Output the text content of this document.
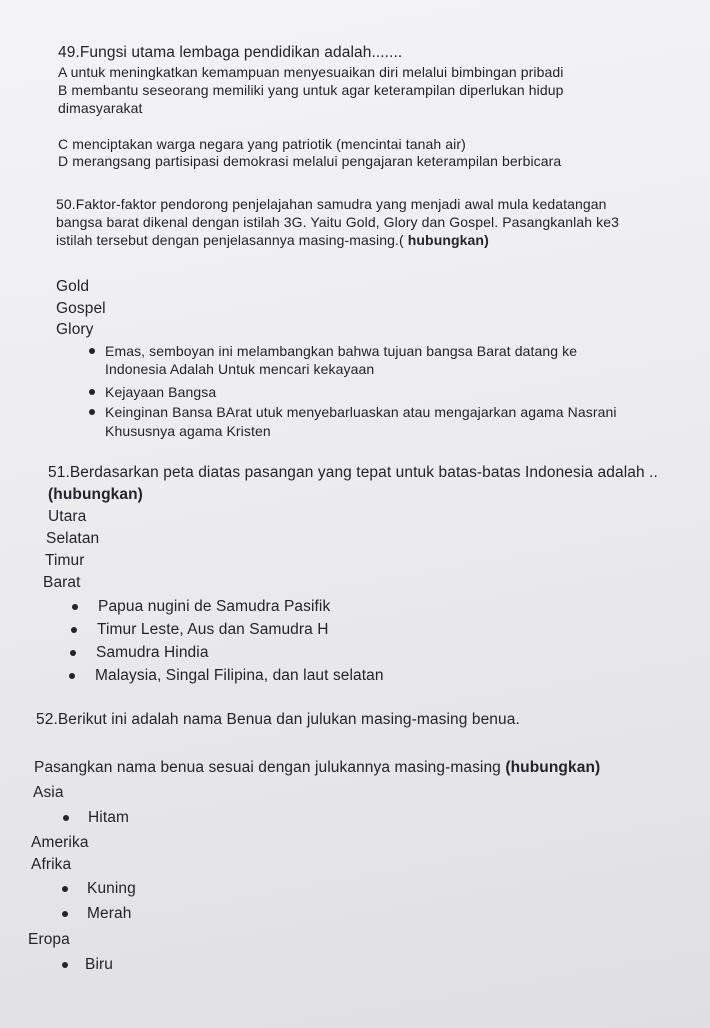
49.Fungsi utama lembaga pendidikan adalah.......
A untuk meningkatkan kemampuan menyesuaikan diri melalui bimbingan pribadi
B membantu seseorang memiliki yang untuk agar keterampilan diperlukan hidup
dimasyarakat
C menciptakan warga negara yang patriotik (mencintai tanah air)
D merangsang partisipasi demokrasi melalui pengajaran keterampilan berbicara
50.Faktor-faktor pendorong penjelajahan samudra yang menjadi awal mula kedatangan
bangsa barat dikenal dengan istilah 3G. Yaitu Gold, Glory dan Gospel. Pasangkanlah ke3
istilah tersebut dengan penjelasannya masing-masing.( hubungkan)
Gold
Gospel
Glory
Emas, semboyan ini melambangkan bahwa tujuan bangsa Barat datang ke
Indonesia Adalah Untuk mencari kekayaan
Kejayaan Bangsa
Keinginan Bansa BArat utuk menyebarluaskan atau mengajarkan agama Nasrani
Khususnya agama Kristen
51.Berdasarkan peta diatas pasangan yang tepat untuk batas-batas Indonesia adalah ..
(hubungkan)
Utara
Selatan
Timur
Barat
Papua nugini de Samudra Pasifik
Timur Leste, Aus dan Samudra H
Samudra Hindia
Malaysia, Singal Filipina, dan laut selatan
52.Berikut ini adalah nama Benua dan julukan masing-masing benua.
Pasangkan nama benua sesuai dengan julukannya masing-masing (hubungkan)
Asia
Hitam
Amerika
Afrika
Kuning
Merah
Eropa
Biru
